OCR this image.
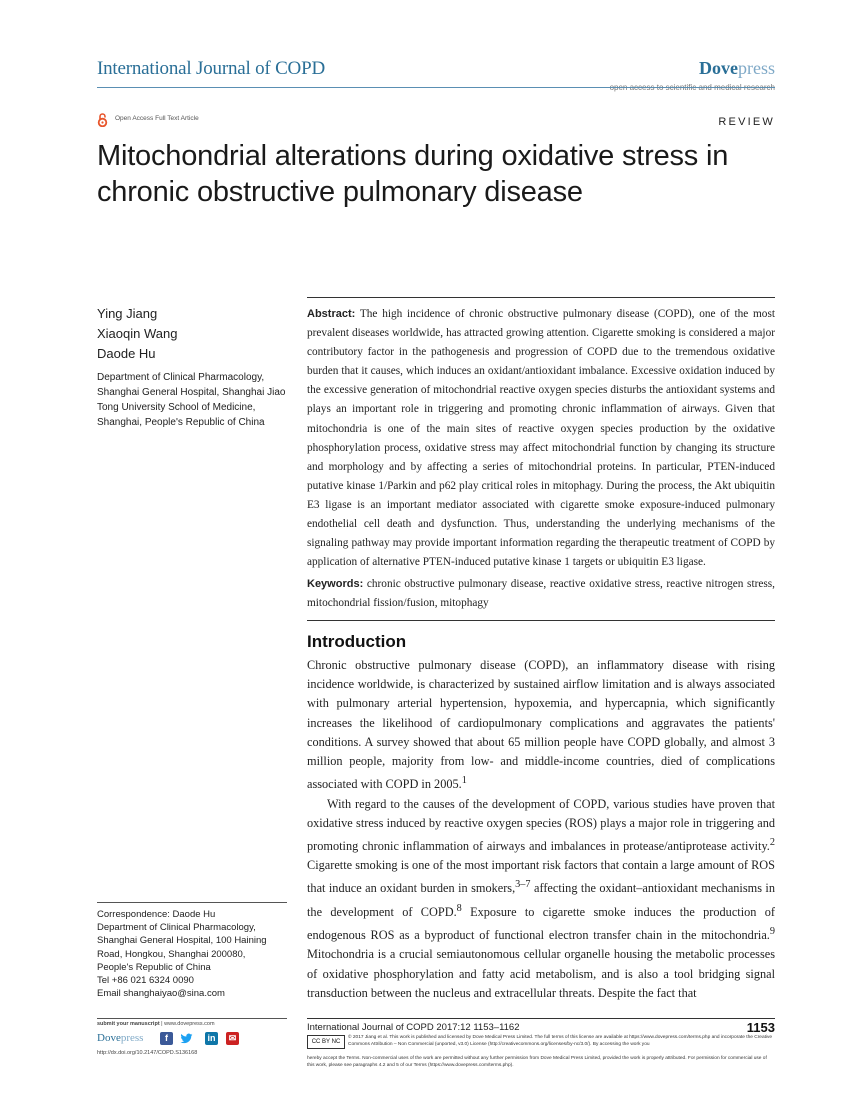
International Journal of COPD	Dovepress
Open Access Full Text Article	REVIEW
Mitochondrial alterations during oxidative stress in chronic obstructive pulmonary disease
Ying Jiang
Xiaoqin Wang
Daode Hu
Department of Clinical Pharmacology, Shanghai General Hospital, Shanghai Jiao Tong University School of Medicine, Shanghai, People's Republic of China
Abstract: The high incidence of chronic obstructive pulmonary disease (COPD), one of the most prevalent diseases worldwide, has attracted growing attention. Cigarette smoking is considered a major contributory factor in the pathogenesis and progression of COPD due to the tremendous oxidative burden that it causes, which induces an oxidant/antioxidant imbalance. Excessive oxidation induced by the excessive generation of mitochondrial reactive oxygen species disturbs the antioxidant systems and plays an important role in triggering and promoting chronic inflammation of airways. Given that mitochondria is one of the main sites of reactive oxygen species production by the oxidative phosphorylation process, oxidative stress may affect mitochondrial function by changing its structure and morphology and by affecting a series of mitochondrial proteins. In particular, PTEN-induced putative kinase 1/Parkin and p62 play critical roles in mitophagy. During the process, the Akt ubiquitin E3 ligase is an important mediator associated with cigarette smoke exposure-induced pulmonary endothelial cell death and dysfunction. Thus, understanding the underlying mechanisms of the signaling pathway may provide important information regarding the therapeutic treatment of COPD by application of alternative PTEN-induced putative kinase 1 targets or ubiquitin E3 ligase.
Keywords: chronic obstructive pulmonary disease, reactive oxidative stress, reactive nitrogen stress, mitochondrial fission/fusion, mitophagy
Introduction

Chronic obstructive pulmonary disease (COPD), an inflammatory disease with rising incidence worldwide, is characterized by sustained airflow limitation and is always associated with pulmonary arterial hypertension, hypoxemia, and hypercapnia, which significantly increases the likelihood of cardiopulmonary complications and aggravates the patients' conditions. A survey showed that about 65 million people have COPD globally, and almost 3 million people, majority from low- and middle-income countries, died of complications associated with COPD in 2005.$^1$

With regard to the causes of the development of COPD, various studies have proven that oxidative stress induced by reactive oxygen species (ROS) plays a major role in triggering and promoting chronic inflammation of airways and imbalances in protease/antiprotease activity.$^2$ Cigarette smoking is one of the most important risk factors that contain a large amount of ROS that induce an oxidant burden in smokers,$^{3-7}$ affecting the oxidant–antioxidant mechanisms in the development of COPD.$^8$ Exposure to cigarette smoke induces the production of endogenous ROS as a byproduct of functional electron transfer chain in the mitochondria.$^9$ Mitochondria is a crucial semiautonomous cellular organelle housing the metabolic processes of oxidative phosphorylation and fatty acid metabolism, and is also a tool bridging signal transduction between the nucleus and extracellular threats. Despite the fact that

Correspondence: Daode Hu
Department of Clinical Pharmacology,
Shanghai General Hospital, 100 Haining
Road, Hongkou, Shanghai 200080,
People's Republic of China
Tel +86 021 6324 0090
Email shanghaiyao@sina.com
submit your manuscript | www.dovepress.com
Dovepress	f	in	✉
http://dx.doi.org/10.2147/COPD.S136168
International Journal of COPD 2017:12 1153–1162	1153
CC BY NC
© 2017 Jiang et al. This work is published and licensed by Dove Medical Press Limited. The full terms of this license are available at https://www.dovepress.com/terms.php and incorporate the Creative Commons Attribution – Non Commercial (unported, v3.0) License (http://creativecommons.org/licenses/by-nc/3.0/). By accessing the work you
hereby accept the Terms. Non-commercial uses of the work are permitted without any further permission from Dove Medical Press Limited, provided the work is properly attributed. For permission for commercial use of this work, please see paragraphs 4.2 and 5 of our Terms (https://www.dovepress.com/terms.php).
